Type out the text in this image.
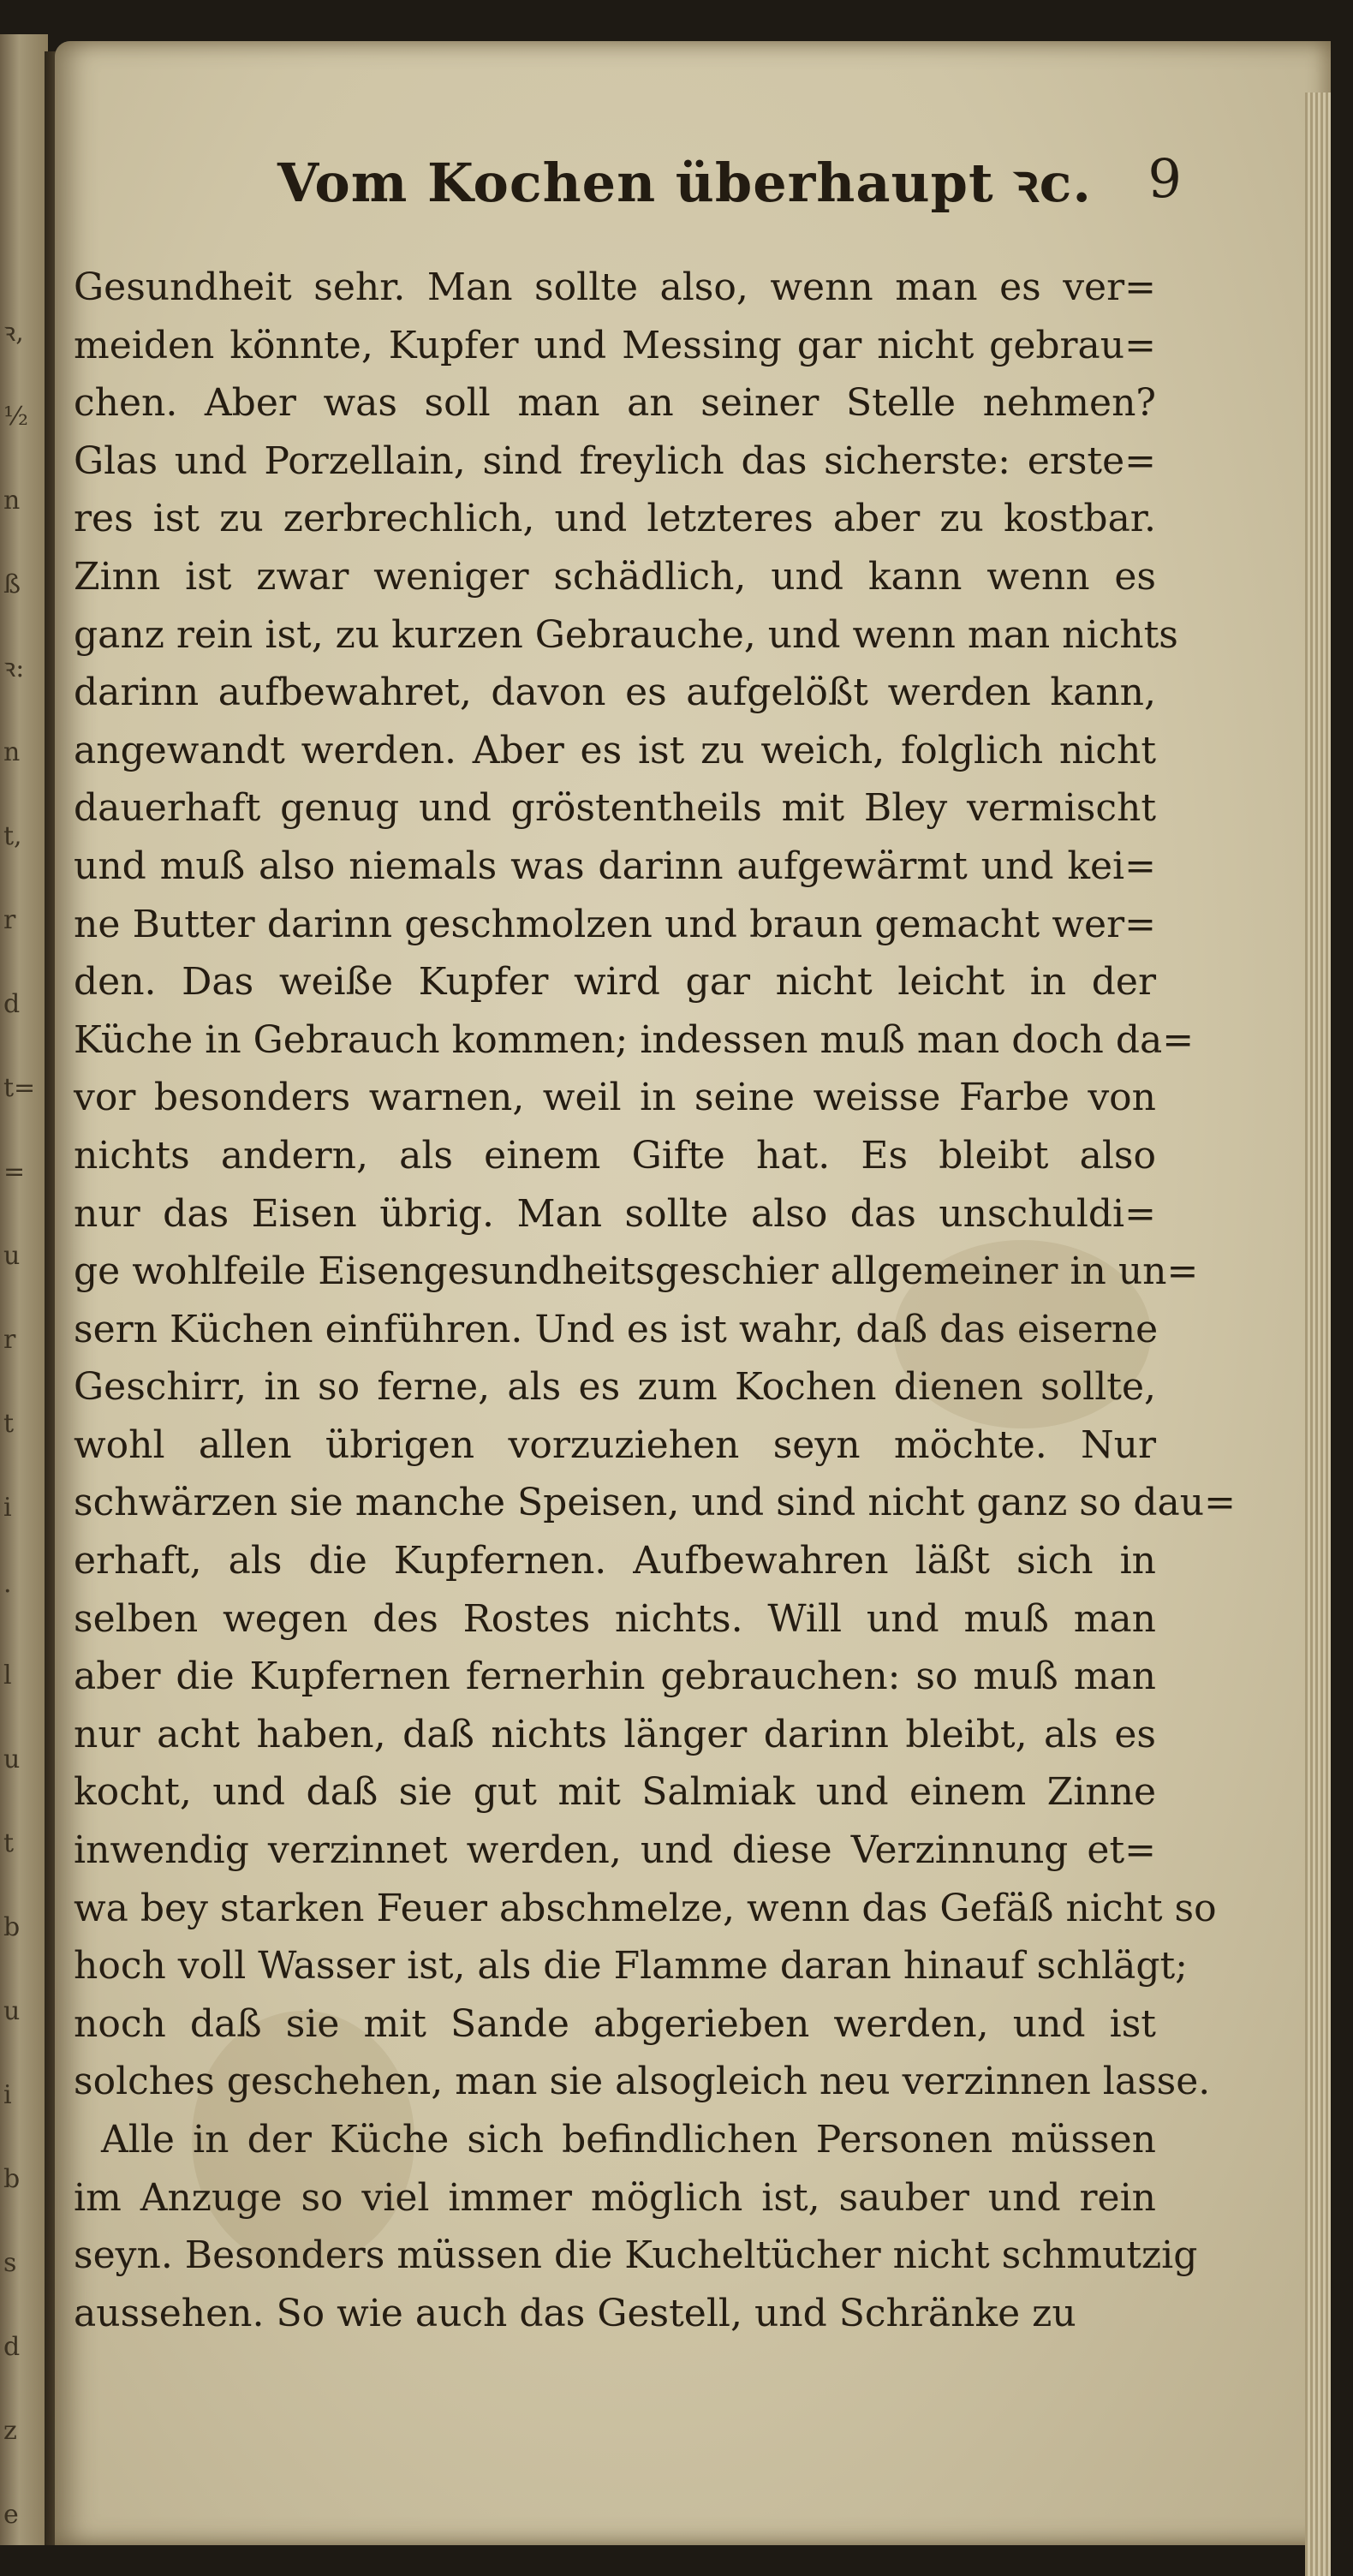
ꝛ,
½
n
ß
ꝛ:
n
t,
r
d
t=
=
u
r
t
i
·
l
u
t
b
u
i
b
s
d
z
e
Vom Kochen überhaupt ꝛc. 9
Gesundheit sehr. Man sollte also, wenn man es ver=
meiden könnte, Kupfer und Messing gar nicht gebrau=
chen. Aber was soll man an seiner Stelle nehmen?
Glas und Porzellain, sind freylich das sicherste: erste=
res ist zu zerbrechlich, und letzteres aber zu kostbar.
Zinn ist zwar weniger schädlich, und kann wenn es
ganz rein ist, zu kurzen Gebrauche, und wenn man nichts
darinn aufbewahret, davon es aufgelößt werden kann,
angewandt werden. Aber es ist zu weich, folglich nicht
dauerhaft genug und gröstentheils mit Bley vermischt
und muß also niemals was darinn aufgewärmt und kei=
ne Butter darinn geschmolzen und braun gemacht wer=
den. Das weiße Kupfer wird gar nicht leicht in der
Küche in Gebrauch kommen; indessen muß man doch da=
vor besonders warnen, weil in seine weisse Farbe von
nichts andern, als einem Gifte hat. Es bleibt also
nur das Eisen übrig. Man sollte also das unschuldi=
ge wohlfeile Eisengesundheitsgeschier allgemeiner in un=
sern Küchen einführen. Und es ist wahr, daß das eiserne
Geschirr, in so ferne, als es zum Kochen dienen sollte,
wohl allen übrigen vorzuziehen seyn möchte. Nur
schwärzen sie manche Speisen, und sind nicht ganz so dau=
erhaft, als die Kupfernen. Aufbewahren läßt sich in
selben wegen des Rostes nichts. Will und muß man
aber die Kupfernen fernerhin gebrauchen: so muß man
nur acht haben, daß nichts länger darinn bleibt, als es
kocht, und daß sie gut mit Salmiak und einem Zinne
inwendig verzinnet werden, und diese Verzinnung et=
wa bey starken Feuer abschmelze, wenn das Gefäß nicht so
hoch voll Wasser ist, als die Flamme daran hinauf schlägt;
noch daß sie mit Sande abgerieben werden, und ist
solches geschehen, man sie alsogleich neu verzinnen lasse.
Alle in der Küche sich befindlichen Personen müssen
im Anzuge so viel immer möglich ist, sauber und rein
seyn. Besonders müssen die Kucheltücher nicht schmutzig
aussehen. So wie auch das Gestell, und Schränke zu
